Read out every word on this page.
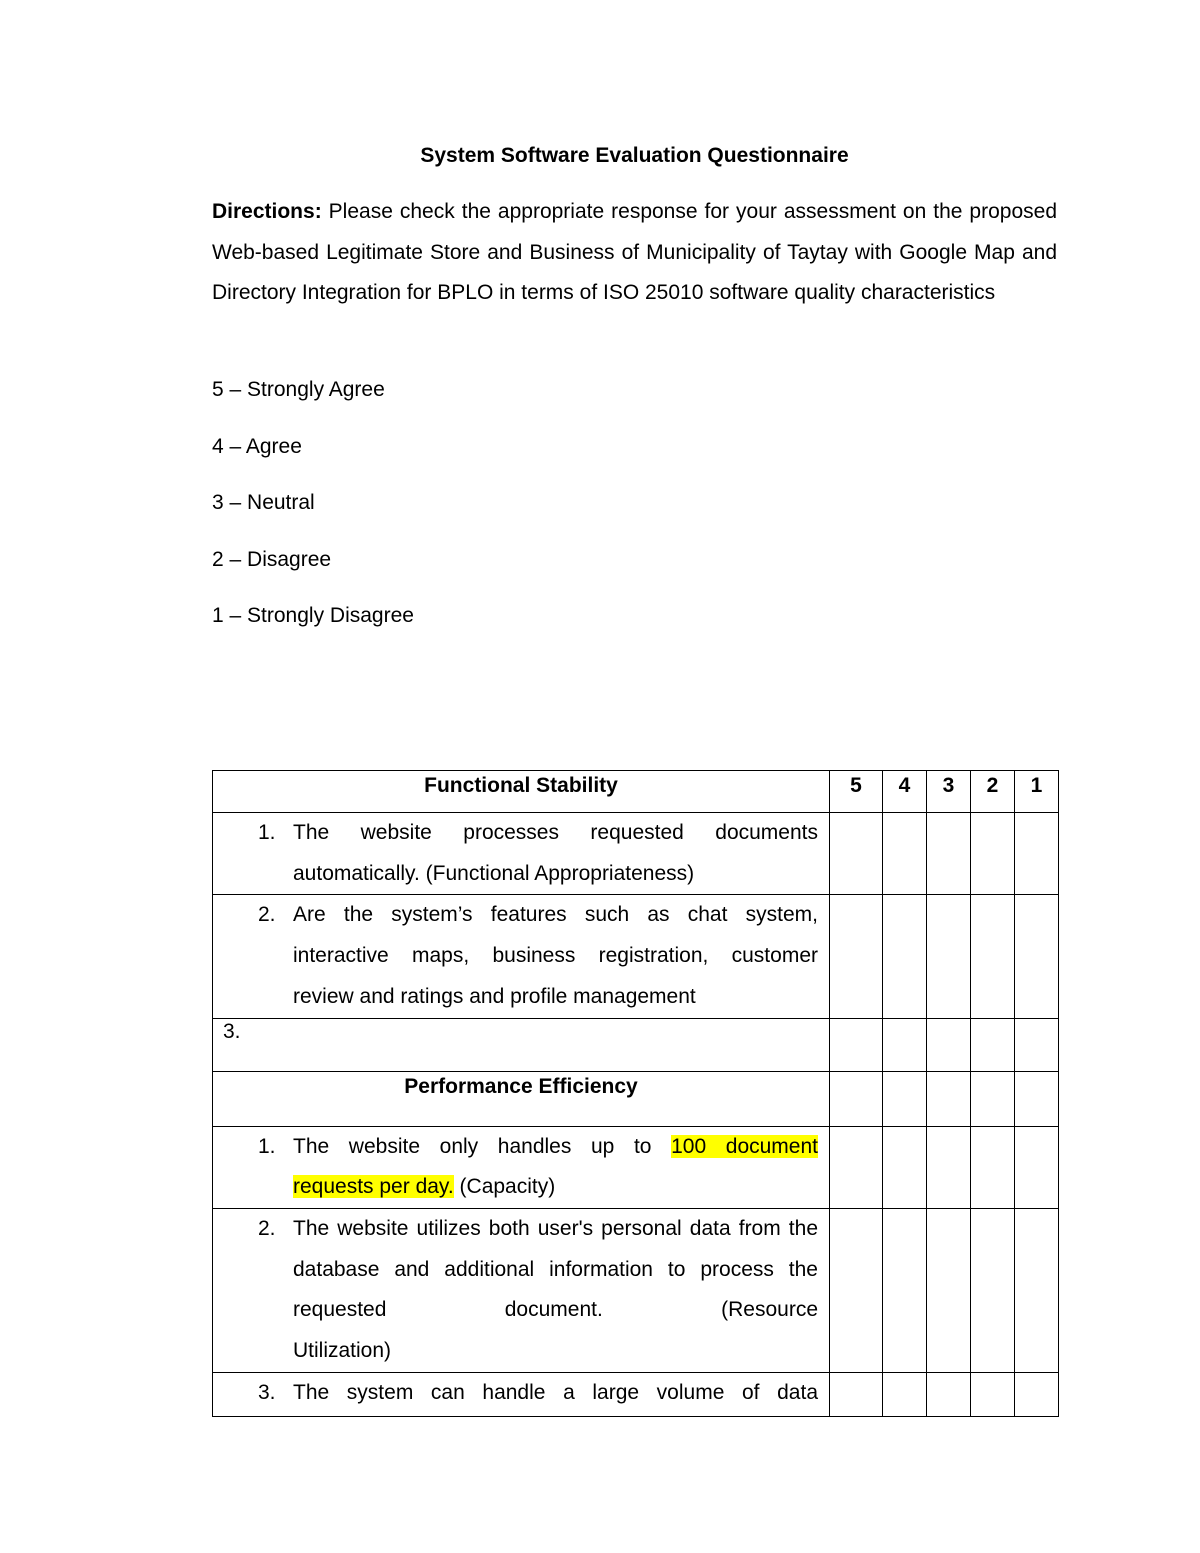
System Software Evaluation Questionnaire

Directions: Please check the appropriate response for your assessment on the proposed Web-based Legitimate Store and Business of Municipality of Taytay with Google Map and Directory Integration for BPLO in terms of ISO 25010 software quality characteristics

5 – Strongly Agree
4 – Agree
3 – Neutral
2 – Disagree
1 – Strongly Disagree
Functional Stability	5	4	3	2	1

1. The website processes requested documents
automatically. (Functional Appropriateness)					

2. Are the system’s features such as chat system, interactive maps, business registration, customer
review and ratings and profile management					

3.					
Performance Efficiency					

1. The website only handles up to 100 document
requests per day. (Capacity)					

2. The website utilizes both user's personal data from the database and additional information to process the requested document. (Resource
Utilization)					

3. The system can handle a large volume of data					
